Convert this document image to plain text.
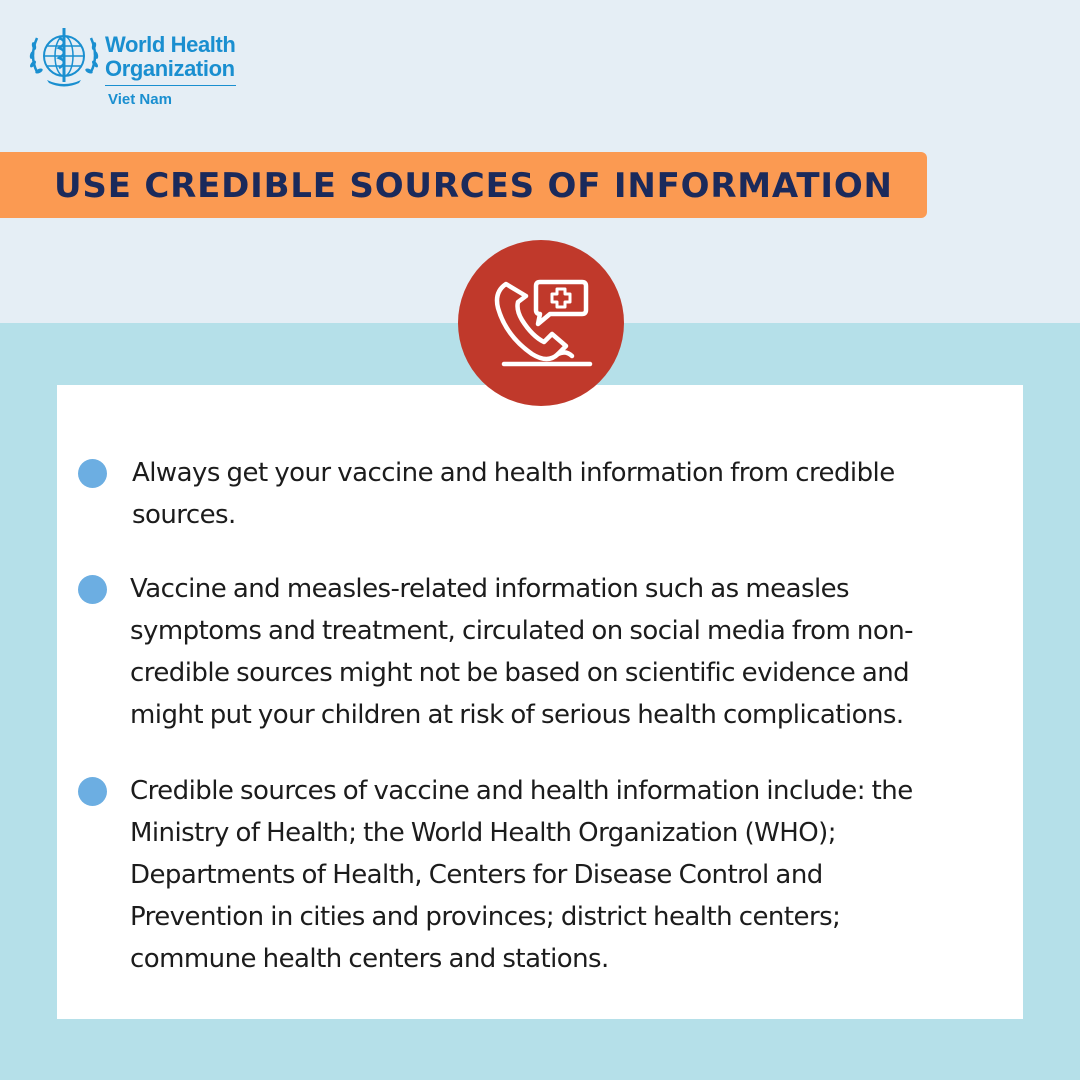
World Health
Organization
Viet Nam
USE CREDIBLE SOURCES OF INFORMATION
Always get your vaccine and health information from credible sources.
Vaccine and measles-related information such as measles symptoms and treatment, circulated on social media from non-credible sources might not be based on scientific evidence and might put your children at risk of serious health complications.
Credible sources of vaccine and health information include: the Ministry of Health; the World Health Organization (WHO); Departments of Health, Centers for Disease Control and Prevention in cities and provinces; district health centers; commune health centers and stations.
